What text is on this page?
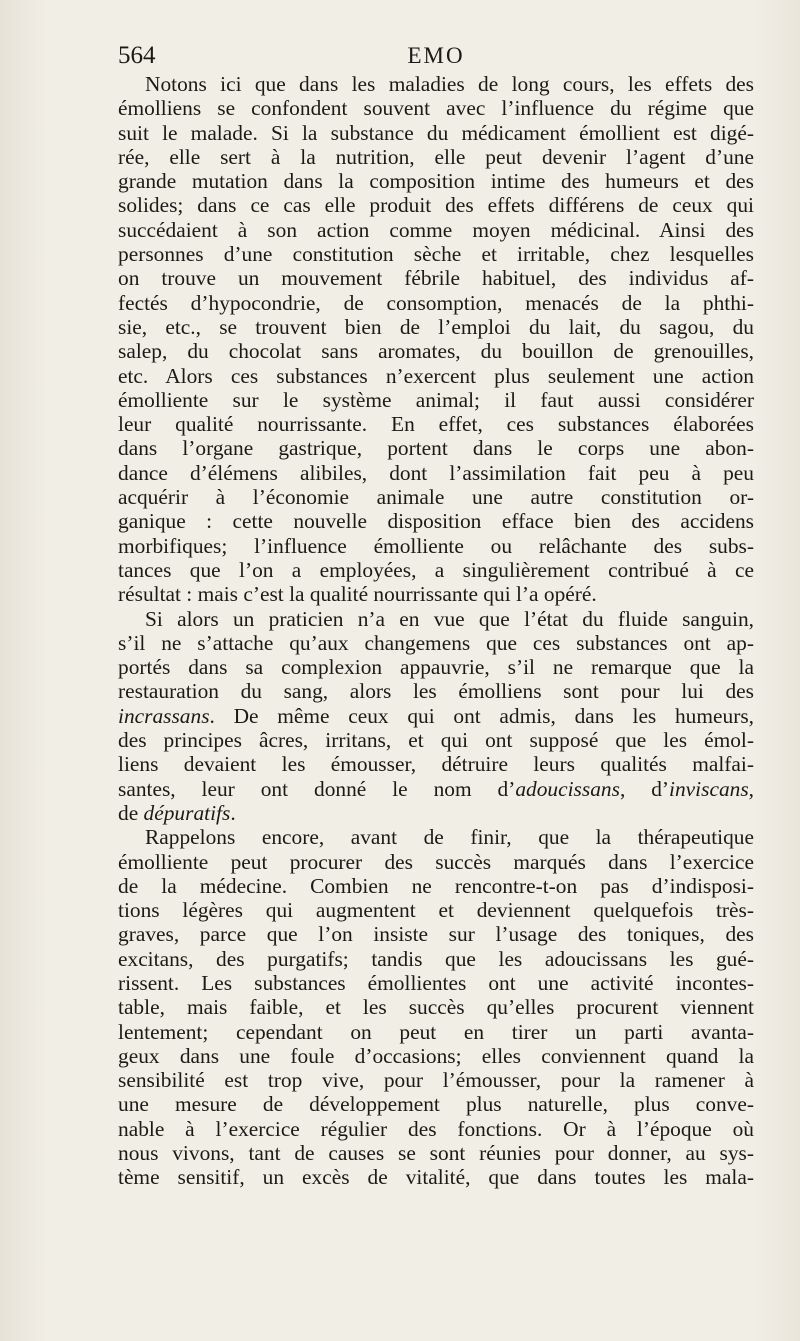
564	EMO
Notons ici que dans les maladies de long cours, les effets des
émolliens se confondent souvent avec l’influence du régime que
suit le malade. Si la substance du médicament émollient est digé-
rée, elle sert à la nutrition, elle peut devenir l’agent d’une
grande mutation dans la composition intime des humeurs et des
solides; dans ce cas elle produit des effets différens de ceux qui
succédaient à son action comme moyen médicinal. Ainsi des
personnes d’une constitution sèche et irritable, chez lesquelles
on trouve un mouvement fébrile habituel, des individus af-
fectés d’hypocondrie, de consomption, menacés de la phthi-
sie, etc., se trouvent bien de l’emploi du lait, du sagou, du
salep, du chocolat sans aromates, du bouillon de grenouilles,
etc. Alors ces substances n’exercent plus seulement une action
émolliente sur le système animal; il faut aussi considérer
leur qualité nourrissante. En effet, ces substances élaborées
dans l’organe gastrique, portent dans le corps une abon-
dance d’élémens alibiles, dont l’assimilation fait peu à peu
acquérir à l’économie animale une autre constitution or-
ganique : cette nouvelle disposition efface bien des accidens
morbifiques; l’influence émolliente ou relâchante des subs-
tances que l’on a employées, a singulièrement contribué à ce
résultat : mais c’est la qualité nourrissante qui l’a opéré.
Si alors un praticien n’a en vue que l’état du fluide sanguin,
s’il ne s’attache qu’aux changemens que ces substances ont ap-
portés dans sa complexion appauvrie, s’il ne remarque que la
restauration du sang, alors les émolliens sont pour lui des
incrassans. De même ceux qui ont admis, dans les humeurs,
des principes âcres, irritans, et qui ont supposé que les émol-
liens devaient les émousser, détruire leurs qualités malfai-
santes, leur ont donné le nom d’adoucissans, d’inviscans,
de dépuratifs.
Rappelons encore, avant de finir, que la thérapeutique
émolliente peut procurer des succès marqués dans l’exercice
de la médecine. Combien ne rencontre-t-on pas d’indisposi-
tions légères qui augmentent et deviennent quelquefois très-
graves, parce que l’on insiste sur l’usage des toniques, des
excitans, des purgatifs; tandis que les adoucissans les gué-
rissent. Les substances émollientes ont une activité incontes-
table, mais faible, et les succès qu’elles procurent viennent
lentement; cependant on peut en tirer un parti avanta-
geux dans une foule d’occasions; elles conviennent quand la
sensibilité est trop vive, pour l’émousser, pour la ramener à
une mesure de développement plus naturelle, plus conve-
nable à l’exercice régulier des fonctions. Or à l’époque où
nous vivons, tant de causes se sont réunies pour donner, au sys-
tème sensitif, un excès de vitalité, que dans toutes les mala-
